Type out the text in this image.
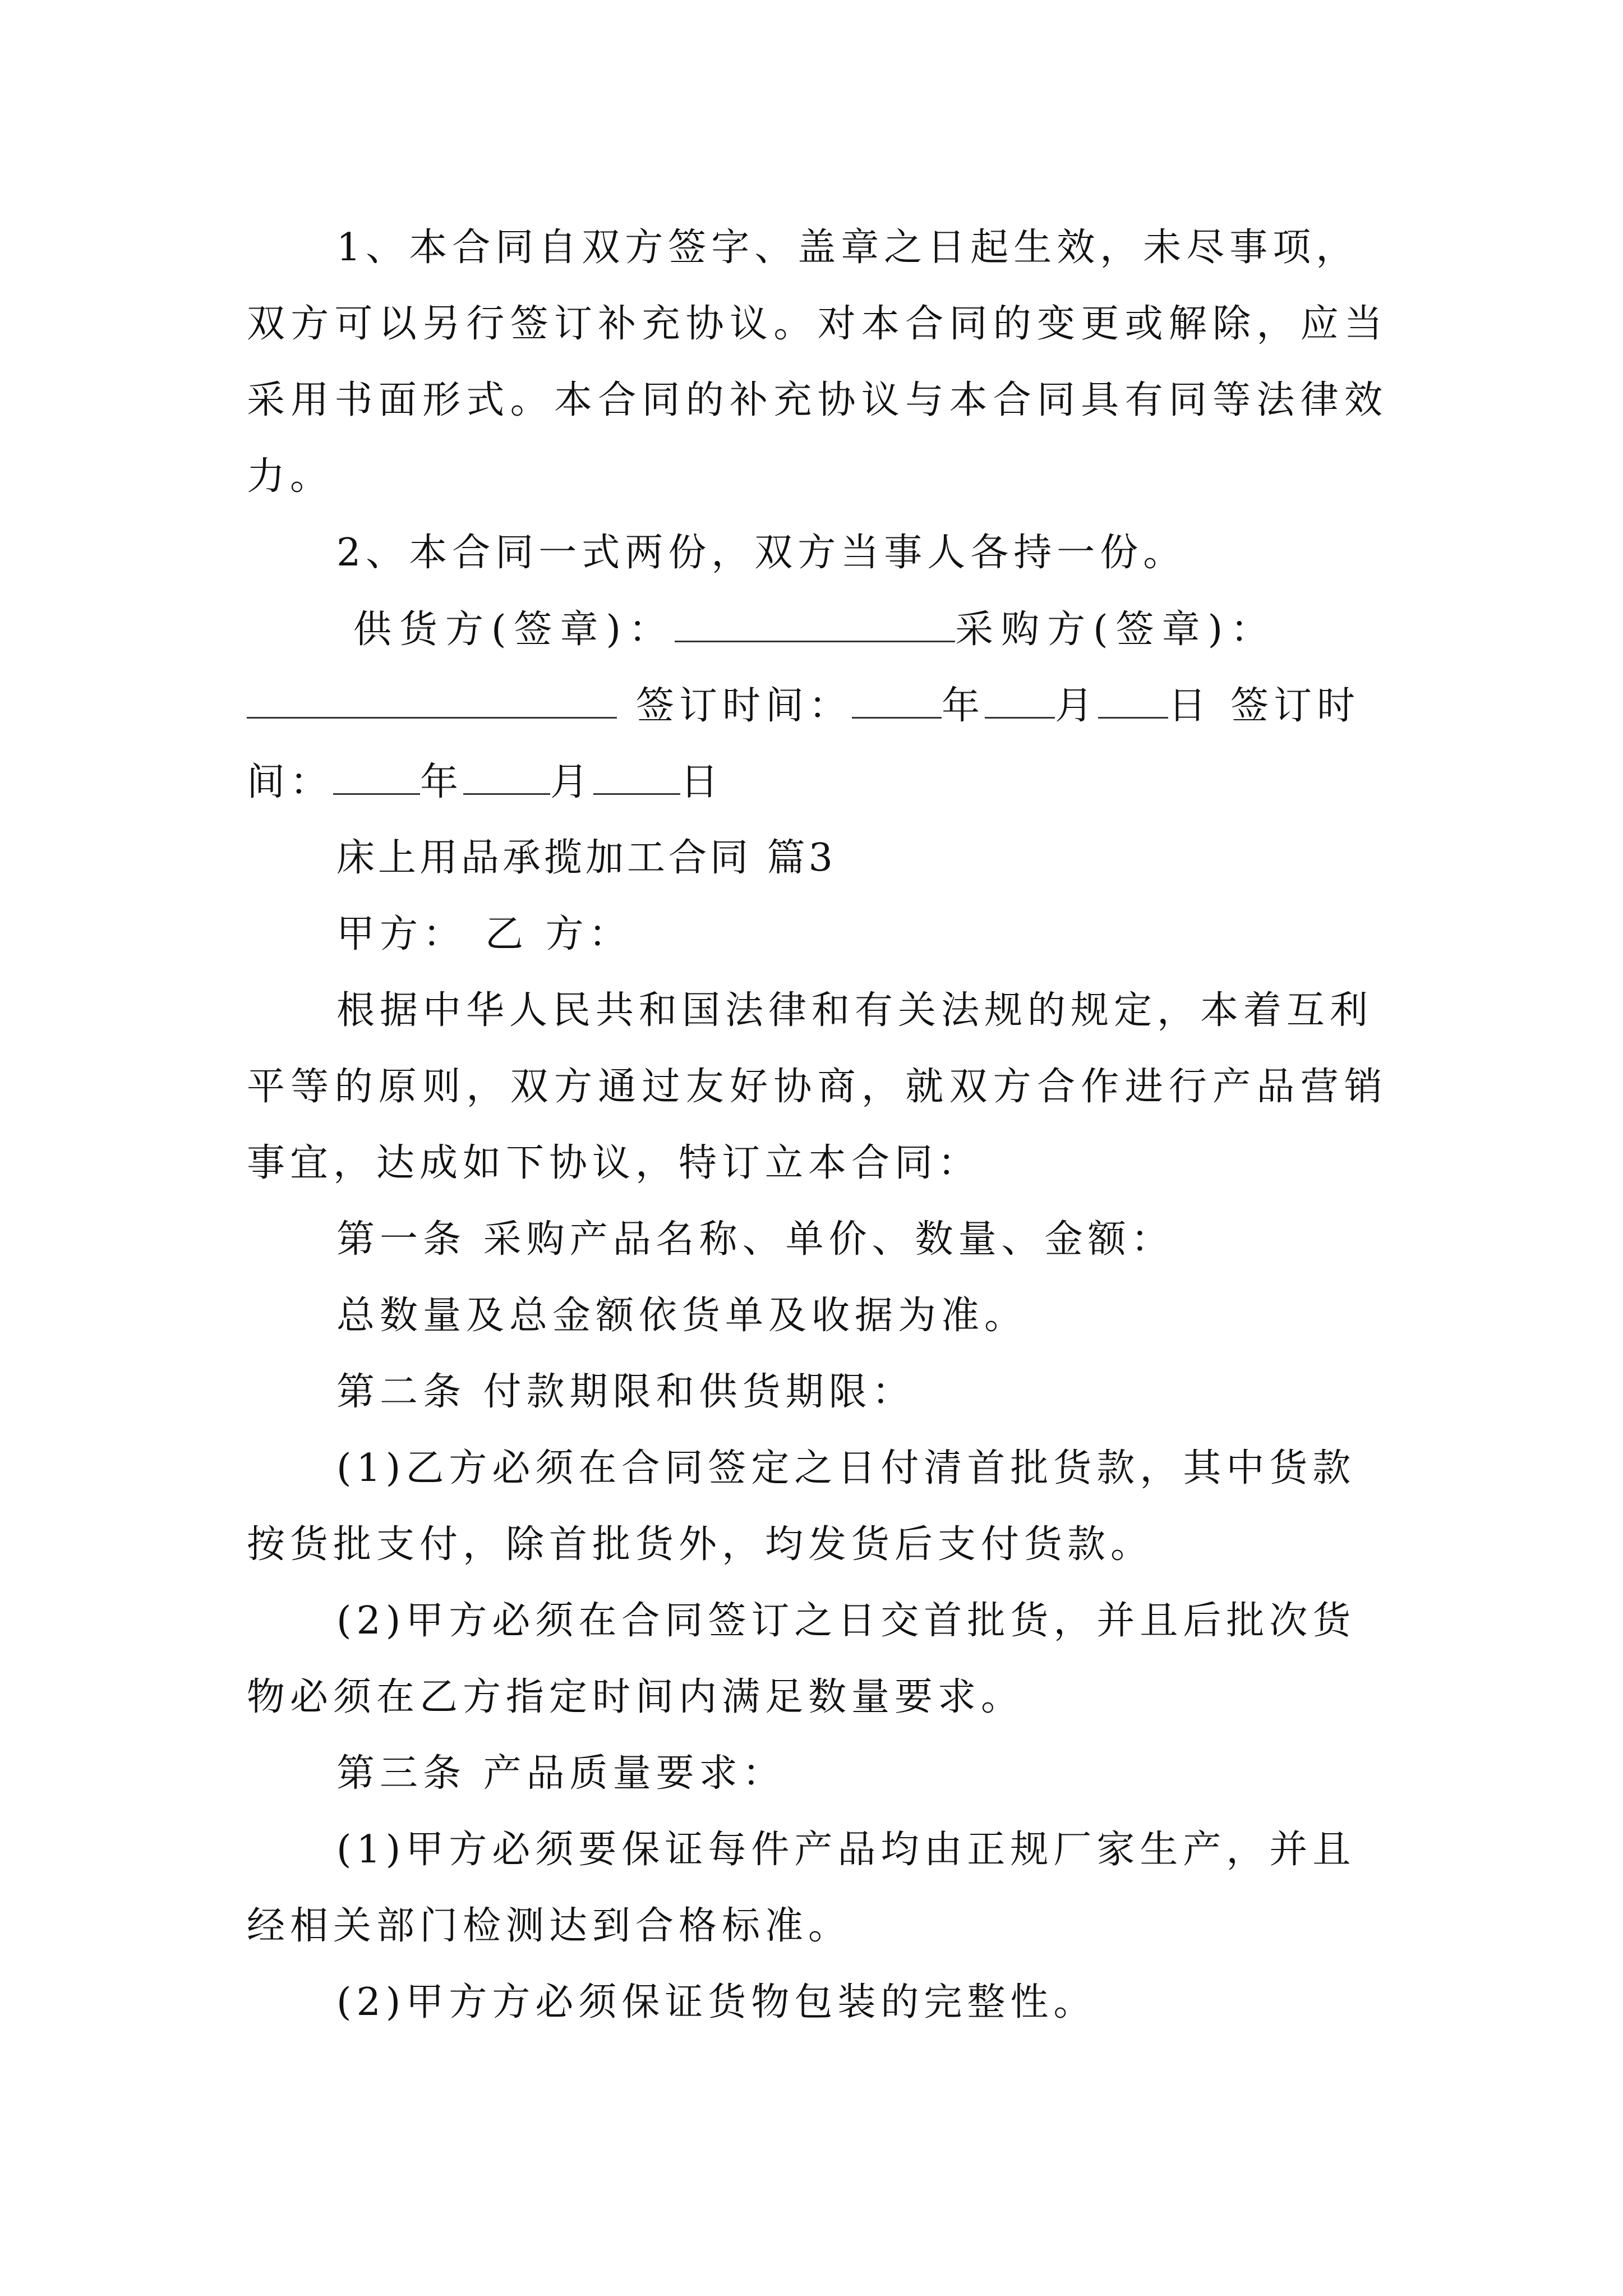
1、本合同自双方签字、盖章之日起生效，未尽事项，
双方可以另行签订补充协议。对本合同的变更或解除，应当
采用书面形式。本合同的补充协议与本合同具有同等法律效
力。
2、本合同一式两份，双方当事人各持一份。
供货方(签章)：	采购方(签章)：
签订时间： 年 月 日 签订时
间： 年 月 日
床上用品承揽加工合同 篇3
甲方： 乙 方：
根据中华人民共和国法律和有关法规的规定，本着互利
平等的原则，双方通过友好协商，就双方合作进行产品营销
事宜，达成如下协议，特订立本合同：
第一条 采购产品名称、单价、数量、金额：
总数量及总金额依货单及收据为准。
第二条 付款期限和供货期限：
(1)乙方必须在合同签定之日付清首批货款，其中货款
按货批支付，除首批货外，均发货后支付货款。
(2)甲方必须在合同签订之日交首批货，并且后批次货
物必须在乙方指定时间内满足数量要求。
第三条 产品质量要求：
(1)甲方必须要保证每件产品均由正规厂家生产，并且
经相关部门检测达到合格标准。
(2)甲方方必须保证货物包装的完整性。
